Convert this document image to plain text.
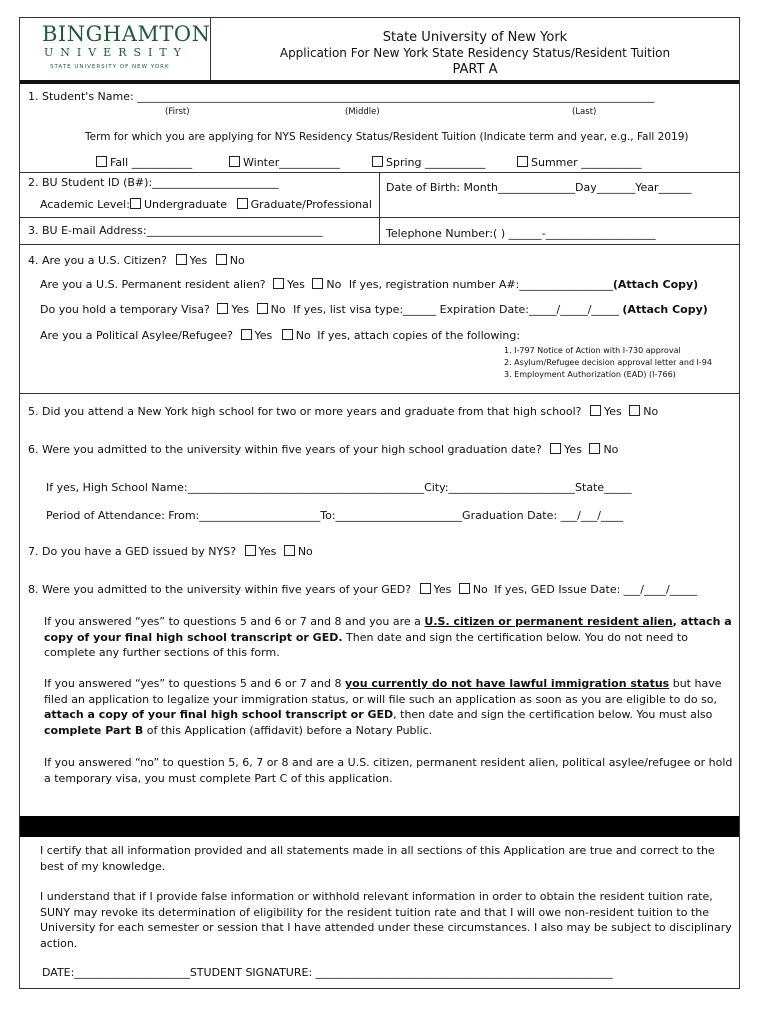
BINGHAMTON
UNIVERSITY
STATE UNIVERSITY OF NEW YORK
State University of New York
Application For New York State Residency Status/Resident Tuition
PART A
1. Student's Name: ______________________________________________________________________________________________
(First)	(Middle)	(Last)
Term for which you are applying for NYS Residency Status/Resident Tuition (Indicate term and year, e.g., Fall 2019)
Fall ___________	Winter___________	Spring ___________	Summer ___________
2. BU Student ID (B#):_______________________	Date of Birth: Month______________Day_______Year______
Academic Level: Undergraduate Graduate/Professional
3. BU E-mail Address:________________________________	Telephone Number:( ) ______-____________________
4. Are you a U.S. Citizen? Yes No
Are you a U.S. Permanent resident alien? Yes No If yes, registration number A#:_________________(Attach Copy)
Do you hold a temporary Visa? Yes No If yes, list visa type:______ Expiration Date:_____/_____/_____ (Attach Copy)
Are you a Political Asylee/Refugee? Yes No If yes, attach copies of the following:
1. I-797 Notice of Action with I-730 approval
2. Asylum/Refugee decision approval letter and I-94
3. Employment Authorization (EAD) (I-766)
5. Did you attend a New York high school for two or more years and graduate from that high school? Yes No
6. Were you admitted to the university within five years of your high school graduation date? Yes No
If yes, High School Name:___________________________________________City:_______________________State_____
Period of Attendance: From:______________________To:_______________________Graduation Date: ___/___/____
7. Do you have a GED issued by NYS? Yes No
8. Were you admitted to the university within five years of your GED? Yes No If yes, GED Issue Date: ___/____/_____
If you answered “yes” to questions 5 and 6 or 7 and 8 and you are a U.S. citizen or permanent resident alien, attach a copy of your final high school transcript or GED. Then date and sign the certification below. You do not need to complete any further sections of this form.
If you answered “yes” to questions 5 and 6 or 7 and 8 you currently do not have lawful immigration status but have filed an application to legalize your immigration status, or will file such an application as soon as you are eligible to do so, attach a copy of your final high school transcript or GED, then date and sign the certification below. You must also complete Part B of this Application (affidavit) before a Notary Public.
If you answered “no” to question 5, 6, 7 or 8 and are a U.S. citizen, permanent resident alien, political asylee/refugee or hold a temporary visa, you must complete Part C of this application.
I certify that all information provided and all statements made in all sections of this Application are true and correct to the best of my knowledge.
I understand that if I provide false information or withhold relevant information in order to obtain the resident tuition rate, SUNY may revoke its determination of eligibility for the resident tuition rate and that I will owe non-resident tuition to the University for each semester or session that I have attended under these circumstances. I also may be subject to disciplinary action.
DATE:_____________________STUDENT SIGNATURE: ______________________________________________________
